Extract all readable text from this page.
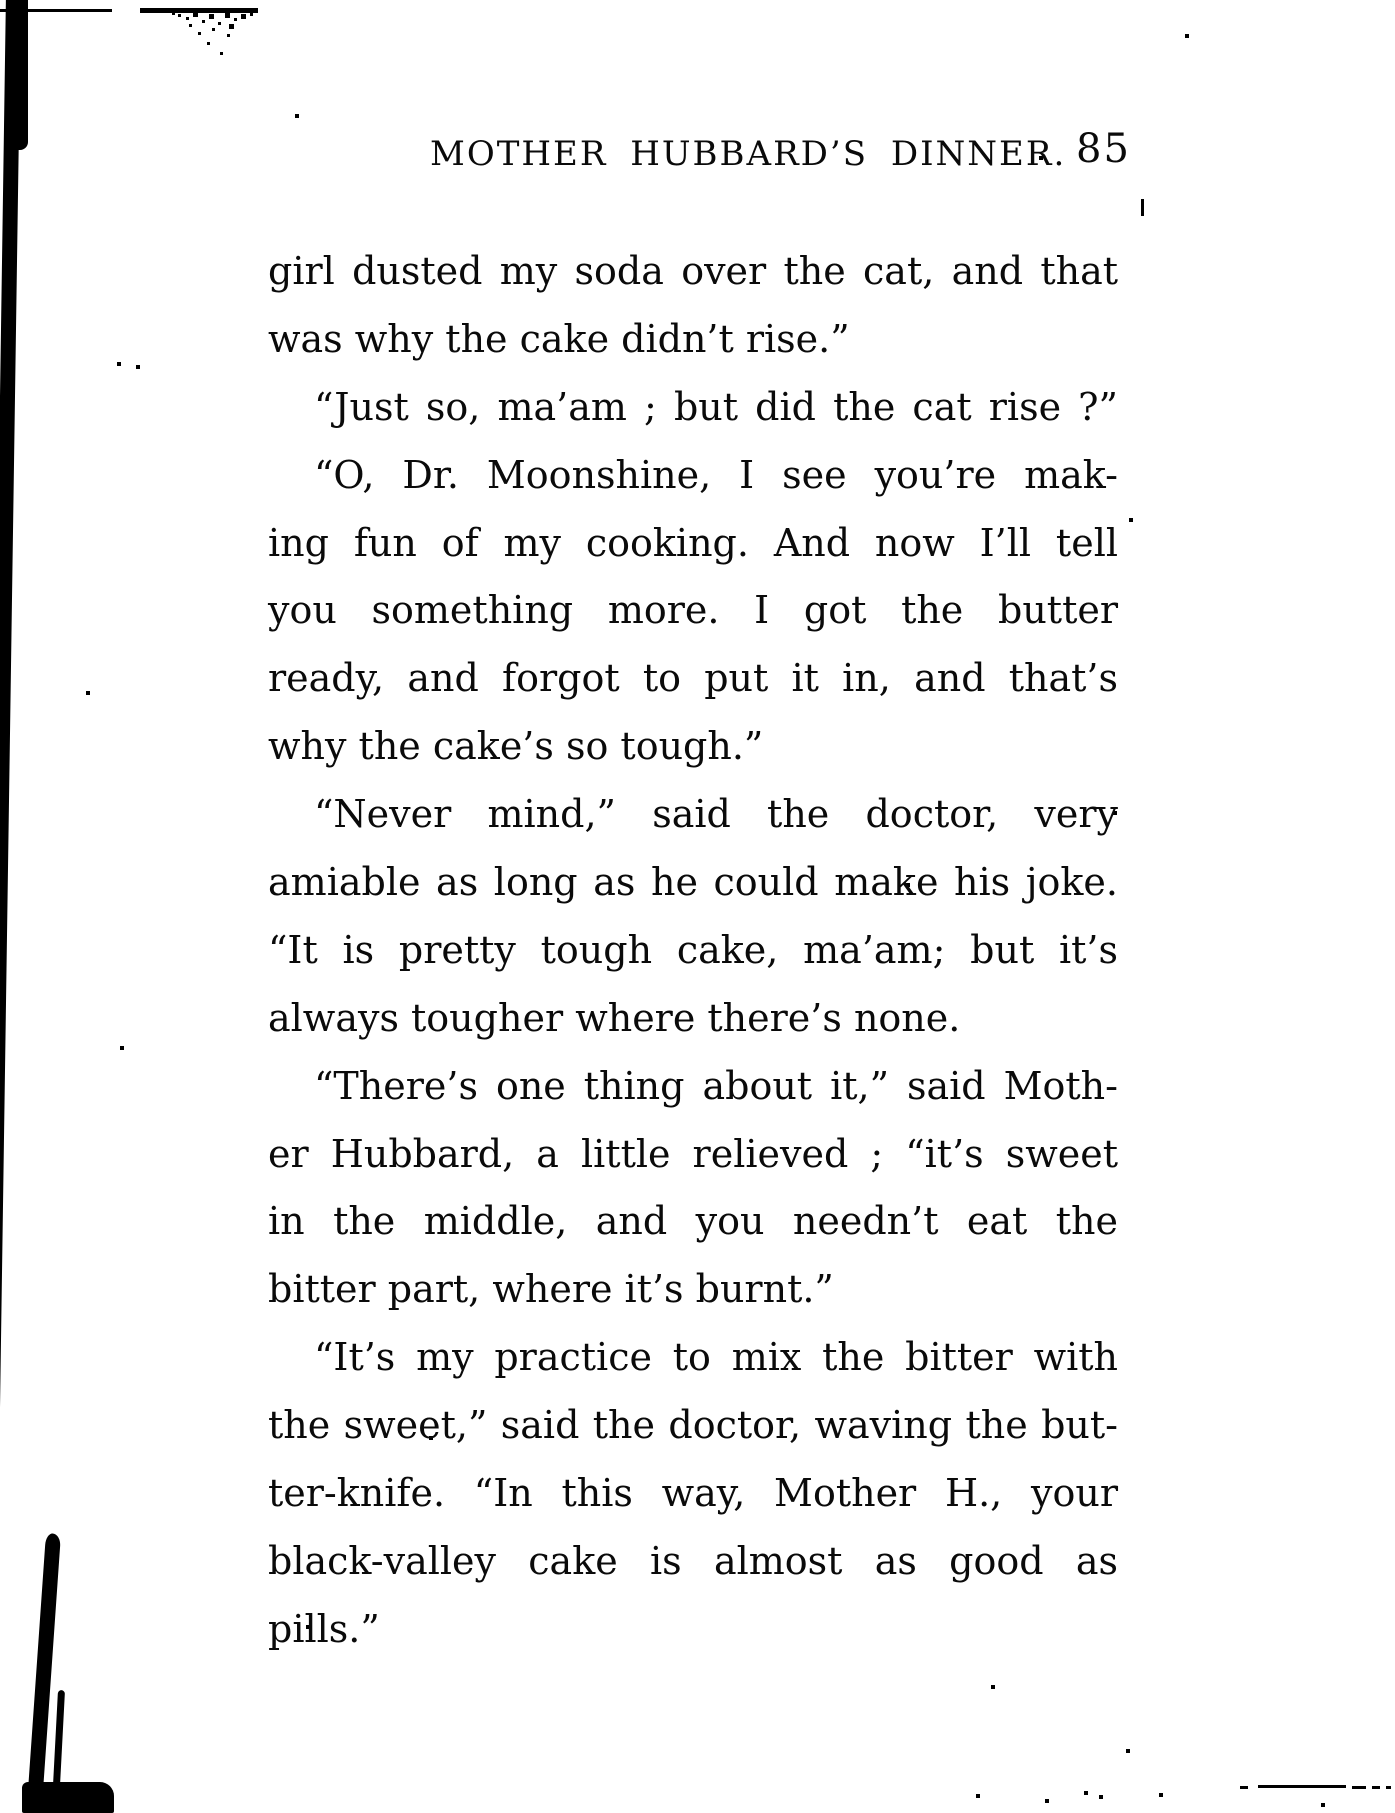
MOTHER HUBBARD’S DINNER. 85
girl dusted my soda over the cat, and that
was why the cake didn’t rise.”
“Just so, ma’am ; but did the cat rise ?”
“O, Dr. Moonshine, I see you’re mak-
ing fun of my cooking. And now I’ll tell
you something more. I got the butter
ready, and forgot to put it in, and that’s
why the cake’s so tough.”
“Never mind,” said the doctor, very
amiable as long as he could make his joke.
“It is pretty tough cake, ma’am; but it’s
always tougher where there’s none.
“There’s one thing about it,” said Moth-
er Hubbard, a little relieved ; “it’s sweet
in the middle, and you needn’t eat the
bitter part, where it’s burnt.”
“It’s my practice to mix the bitter with
the sweet,” said the doctor, waving the but-
ter-knife. “In this way, Mother H., your
black-valley cake is almost as good as pills.”
